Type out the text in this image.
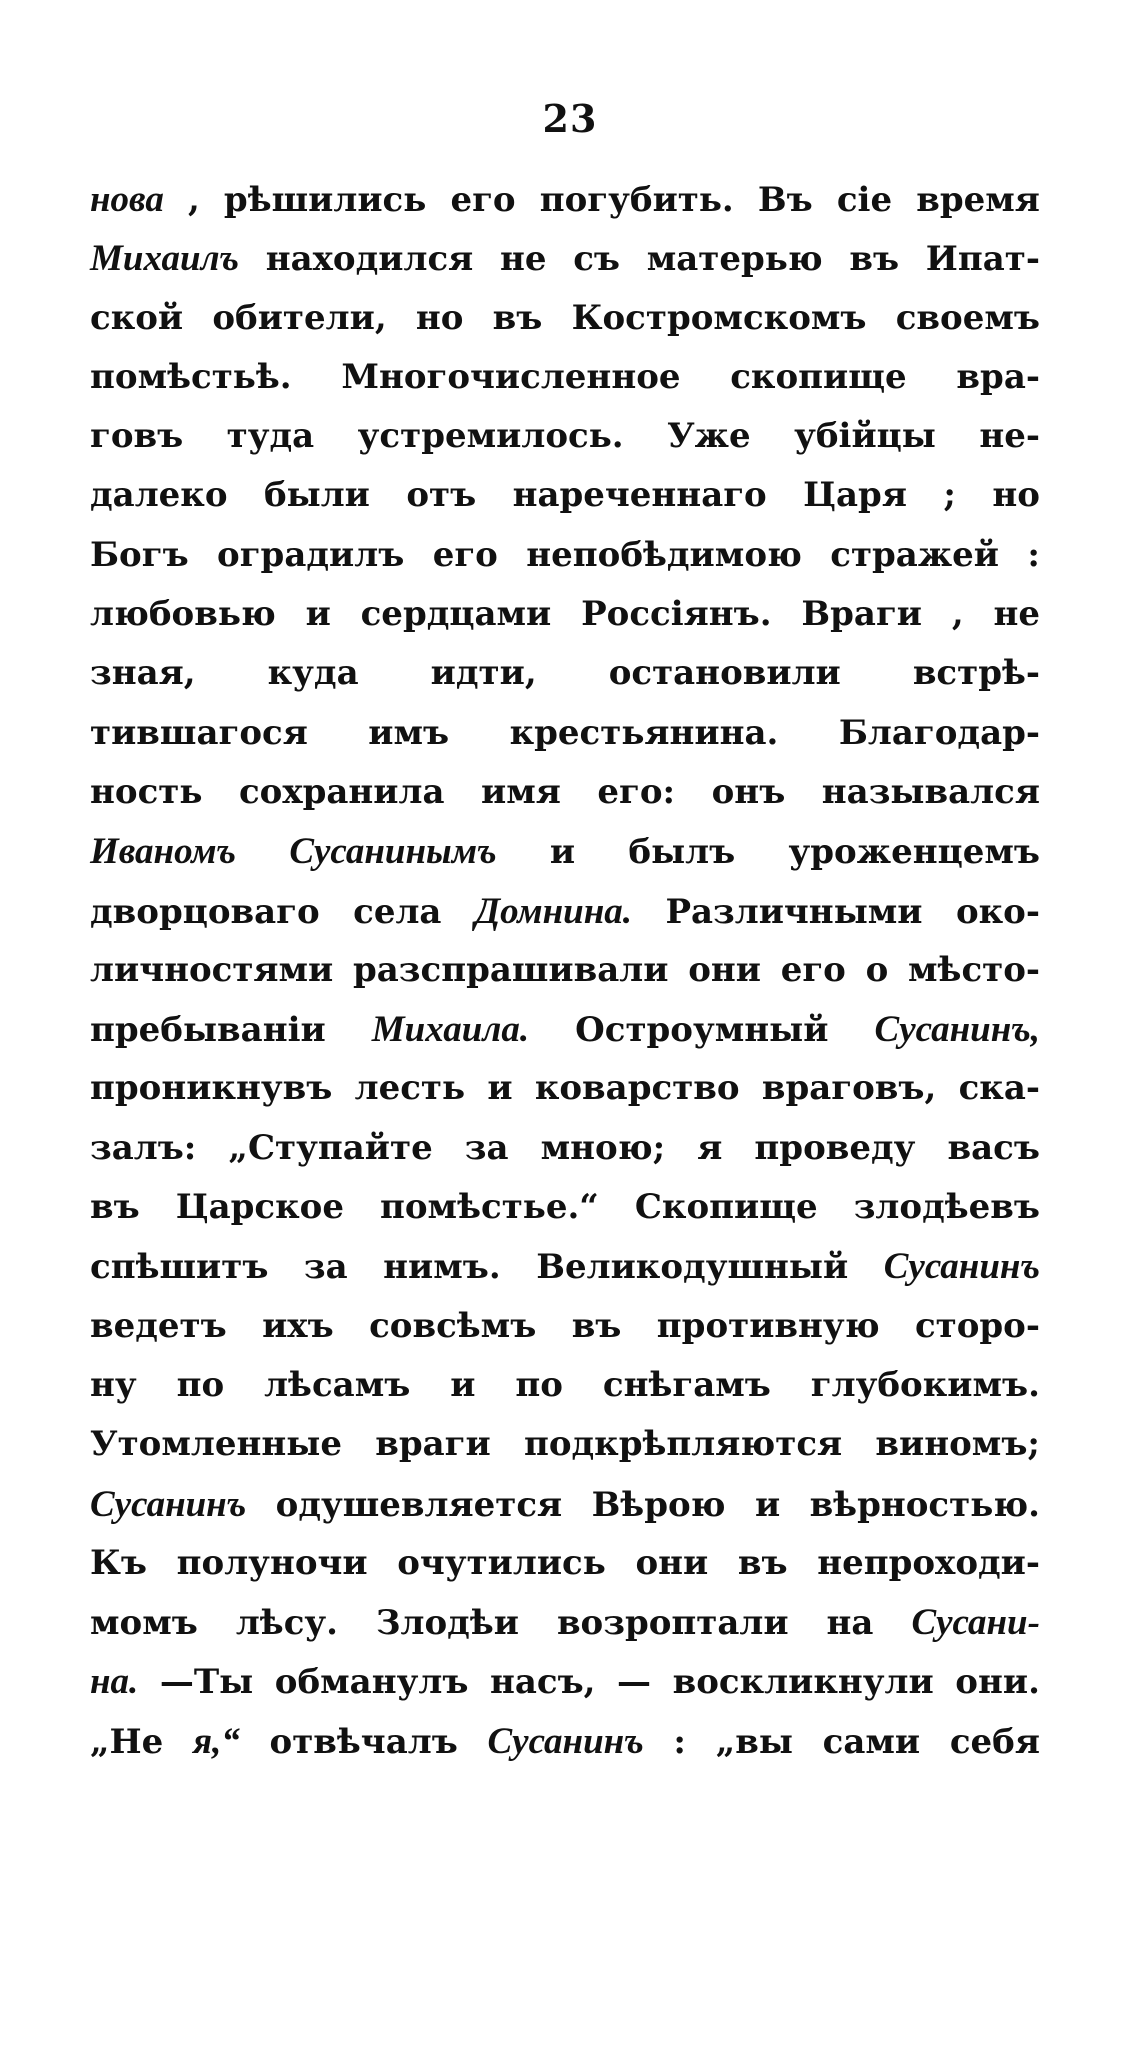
23
нова , рѣшились его погубить. Въ сіе время
Михаилъ находился не съ матерью въ Ипат-
ской обители, но въ Костромскомъ своемъ
помѣстьѣ. Многочисленное скопище вра-
говъ туда устремилось. Уже убійцы не-
далеко были отъ нареченнаго Царя ; но
Богъ оградилъ его непобѣдимою стражей :
любовью и сердцами Россіянъ. Враги , не
зная, куда идти, остановили встрѣ-
тившагося имъ крестьянина. Благодар-
ность сохранила имя его: онъ назывался
Иваномъ Сусанинымъ и былъ уроженцемъ
дворцоваго села Домнина. Различными око-
личностями разспрашивали они его о мѣсто-
пребываніи Михаила. Остроумный Сусанинъ,
проникнувъ лесть и коварство враговъ, ска-
залъ: „Ступайте за мною; я проведу васъ
въ Царское помѣстье.“ Скопище злодѣевъ
спѣшитъ за нимъ. Великодушный Сусанинъ
ведетъ ихъ совсѣмъ въ противную сторо-
ну по лѣсамъ и по снѣгамъ глубокимъ.
Утомленные враги подкрѣпляются виномъ;
Сусанинъ одушевляется Вѣрою и вѣрностью.
Къ полуночи очутились они въ непроходи-
момъ лѣсу. Злодѣи возроптали на Сусани-
на. —Ты обманулъ насъ, — воскликнули они.
„Не я,“ отвѣчалъ Сусанинъ : „вы сами себя
